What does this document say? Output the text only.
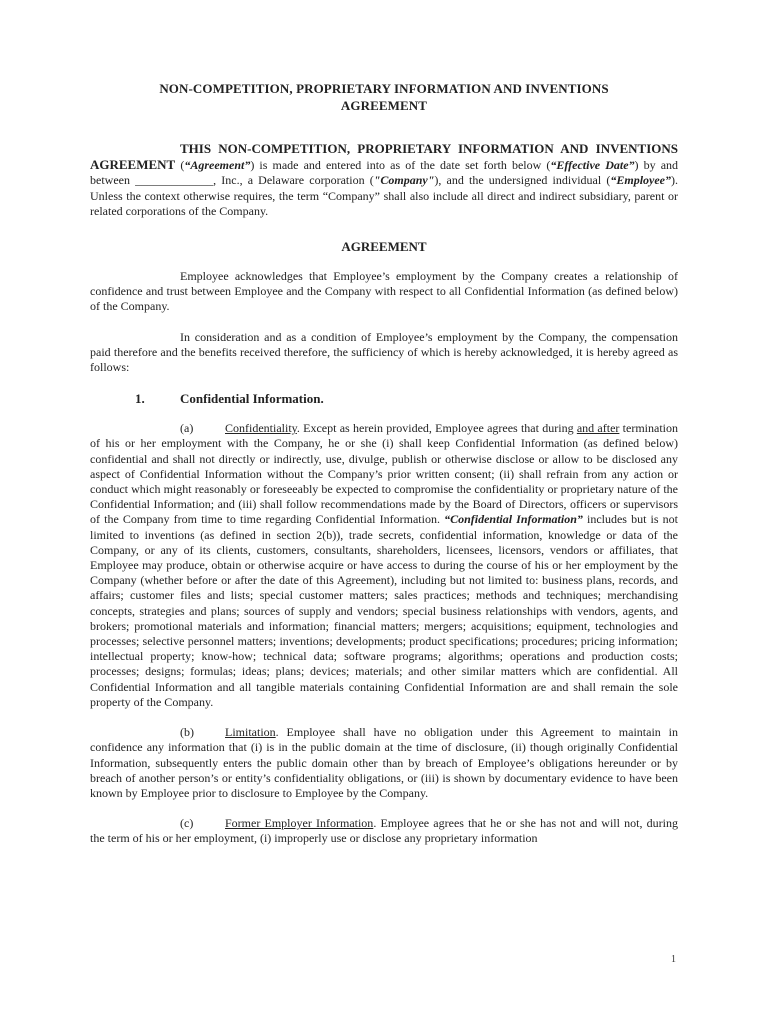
NON-COMPETITION, PROPRIETARY INFORMATION AND INVENTIONS

AGREEMENT

THIS NON-COMPETITION, PROPRIETARY INFORMATION AND INVENTIONS AGREEMENT (“Agreement”) is made and entered into as of the date set forth below (“Effective Date”) by and between _____________, Inc., a Delaware corporation ("Company"), and the undersigned individual (“Employee”). Unless the context otherwise requires, the term “Company” shall also include all direct and indirect subsidiary, parent or related corporations of the Company.

AGREEMENT

Employee acknowledges that Employee’s employment by the Company creates a relationship of confidence and trust between Employee and the Company with respect to all Confidential Information (as defined below) of the Company.

In consideration and as a condition of Employee’s employment by the Company, the compensation paid therefore and the benefits received therefore, the sufficiency of which is hereby acknowledged, it is hereby agreed as follows:

1.	Confidential Information.

(a)	Confidentiality. Except as herein provided, Employee agrees that during and after termination of his or her employment with the Company, he or she (i) shall keep Confidential Information (as defined below) confidential and shall not directly or indirectly, use, divulge, publish or otherwise disclose or allow to be disclosed any aspect of Confidential Information without the Company’s prior written consent; (ii) shall refrain from any action or conduct which might reasonably or foreseeably be expected to compromise the confidentiality or proprietary nature of the Confidential Information; and (iii) shall follow recommendations made by the Board of Directors, officers or supervisors of the Company from time to time regarding Confidential Information. “Confidential Information” includes but is not limited to inventions (as defined in section 2(b)), trade secrets, confidential information, knowledge or data of the Company, or any of its clients, customers, consultants, shareholders, licensees, licensors, vendors or affiliates, that Employee may produce, obtain or otherwise acquire or have access to during the course of his or her employment by the Company (whether before or after the date of this Agreement), including but not limited to: business plans, records, and affairs; customer files and lists; special customer matters; sales practices; methods and techniques; merchandising concepts, strategies and plans; sources of supply and vendors; special business relationships with vendors, agents, and brokers; promotional materials and information; financial matters; mergers; acquisitions; equipment, technologies and processes; selective personnel matters; inventions; developments; product specifications; procedures; pricing information; intellectual property; know-how; technical data; software programs; algorithms; operations and production costs; processes; designs; formulas; ideas; plans; devices; materials; and other similar matters which are confidential. All Confidential Information and all tangible materials containing Confidential Information are and shall remain the sole property of the Company.

(b)	Limitation. Employee shall have no obligation under this Agreement to maintain in confidence any information that (i) is in the public domain at the time of disclosure, (ii) though originally Confidential Information, subsequently enters the public domain other than by breach of Employee’s obligations hereunder or by breach of another person’s or entity’s confidentiality obligations, or (iii) is shown by documentary evidence to have been known by Employee prior to disclosure to Employee by the Company.

(c)	Former Employer Information. Employee agrees that he or she has not and will not, during the term of his or her employment, (i) improperly use or disclose any proprietary information

1
